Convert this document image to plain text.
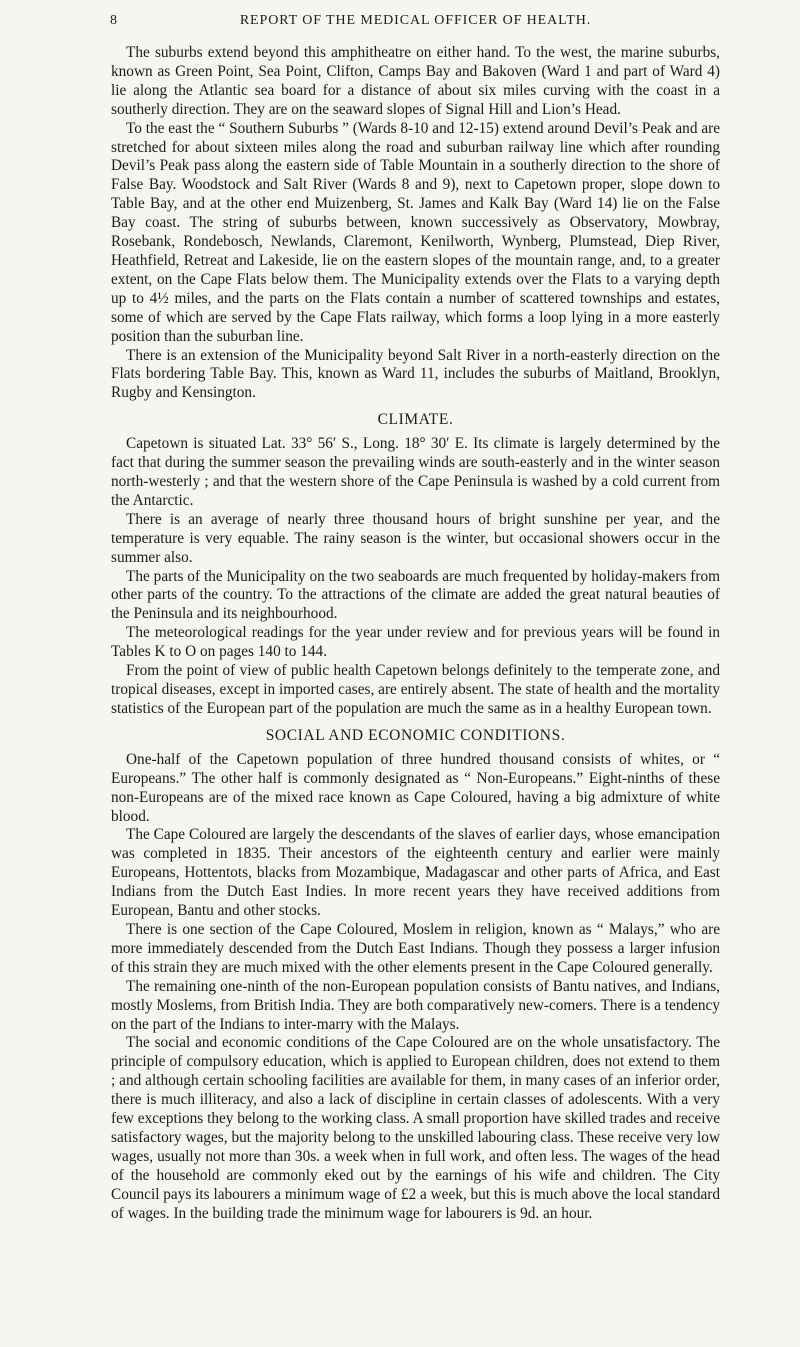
8	REPORT OF THE MEDICAL OFFICER OF HEALTH.

The suburbs extend beyond this amphitheatre on either hand. To the west, the marine suburbs, known as Green Point, Sea Point, Clifton, Camps Bay and Bakoven (Ward 1 and part of Ward 4) lie along the Atlantic sea board for a distance of about six miles curving with the coast in a southerly direction. They are on the seaward slopes of Signal Hill and Lion’s Head.

To the east the “ Southern Suburbs ” (Wards 8-10 and 12-15) extend around Devil’s Peak and are stretched for about sixteen miles along the road and suburban railway line which after rounding Devil’s Peak pass along the eastern side of Table Mountain in a southerly direction to the shore of False Bay. Woodstock and Salt River (Wards 8 and 9), next to Capetown proper, slope down to Table Bay, and at the other end Muizenberg, St. James and Kalk Bay (Ward 14) lie on the False Bay coast. The string of suburbs between, known successively as Observatory, Mowbray, Rosebank, Rondebosch, Newlands, Claremont, Kenilworth, Wynberg, Plumstead, Diep River, Heathfield, Retreat and Lakeside, lie on the eastern slopes of the mountain range, and, to a greater extent, on the Cape Flats below them. The Municipality extends over the Flats to a varying depth up to 4½ miles, and the parts on the Flats contain a number of scattered townships and estates, some of which are served by the Cape Flats railway, which forms a loop lying in a more easterly position than the suburban line.

There is an extension of the Municipality beyond Salt River in a north-easterly direction on the Flats bordering Table Bay. This, known as Ward 11, includes the suburbs of Maitland, Brooklyn, Rugby and Kensington.

CLIMATE.

Capetown is situated Lat. 33° 56′ S., Long. 18° 30′ E. Its climate is largely determined by the fact that during the summer season the prevailing winds are south-easterly and in the winter season north-westerly ; and that the western shore of the Cape Peninsula is washed by a cold current from the Antarctic.

There is an average of nearly three thousand hours of bright sunshine per year, and the temperature is very equable. The rainy season is the winter, but occasional showers occur in the summer also.

The parts of the Municipality on the two seaboards are much frequented by holiday-makers from other parts of the country. To the attractions of the climate are added the great natural beauties of the Peninsula and its neighbourhood.

The meteorological readings for the year under review and for previous years will be found in Tables K to O on pages 140 to 144.

From the point of view of public health Capetown belongs definitely to the temperate zone, and tropical diseases, except in imported cases, are entirely absent. The state of health and the mortality statistics of the European part of the population are much the same as in a healthy European town.

SOCIAL AND ECONOMIC CONDITIONS.

One-half of the Capetown population of three hundred thousand consists of whites, or “ Europeans.” The other half is commonly designated as “ Non-Europeans.” Eight-ninths of these non-Europeans are of the mixed race known as Cape Coloured, having a big admixture of white blood.

The Cape Coloured are largely the descendants of the slaves of earlier days, whose emancipation was completed in 1835. Their ancestors of the eighteenth century and earlier were mainly Europeans, Hottentots, blacks from Mozambique, Madagascar and other parts of Africa, and East Indians from the Dutch East Indies. In more recent years they have received additions from European, Bantu and other stocks.

There is one section of the Cape Coloured, Moslem in religion, known as “ Malays,” who are more immediately descended from the Dutch East Indians. Though they possess a larger infusion of this strain they are much mixed with the other elements present in the Cape Coloured generally.

The remaining one-ninth of the non-European population consists of Bantu natives, and Indians, mostly Moslems, from British India. They are both comparatively new-comers. There is a tendency on the part of the Indians to inter-marry with the Malays.

The social and economic conditions of the Cape Coloured are on the whole unsatisfactory. The principle of compulsory education, which is applied to European children, does not extend to them ; and although certain schooling facilities are available for them, in many cases of an inferior order, there is much illiteracy, and also a lack of discipline in certain classes of adolescents. With a very few exceptions they belong to the working class. A small proportion have skilled trades and receive satisfactory wages, but the majority belong to the unskilled labouring class. These receive very low wages, usually not more than 30s. a week when in full work, and often less. The wages of the head of the household are commonly eked out by the earnings of his wife and children. The City Council pays its labourers a minimum wage of £2 a week, but this is much above the local standard of wages. In the building trade the minimum wage for labourers is 9d. an hour.
